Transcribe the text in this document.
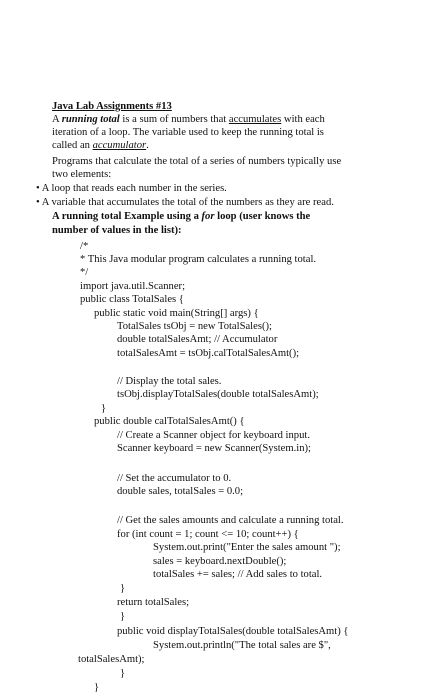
Java Lab Assignments #13
A running total is a sum of numbers that accumulates with each
iteration of a loop. The variable used to keep the running total is
called an accumulator.
Programs that calculate the total of a series of numbers typically use
two elements:
• A loop that reads each number in the series.
• A variable that accumulates the total of the numbers as they are read.
A running total Example using a for loop (user knows the
number of values in the list):
/*
* This Java modular program calculates a running total.
*/
import java.util.Scanner;
public class TotalSales {
public static void main(String[] args) {
TotalSales tsObj = new TotalSales();
double totalSalesAmt; // Accumulator
totalSalesAmt = tsObj.calTotalSalesAmt();
// Display the total sales.
tsObj.displayTotalSales(double totalSalesAmt);
}
public double calTotalSalesAmt() {
// Create a Scanner object for keyboard input.
Scanner keyboard = new Scanner(System.in);
// Set the accumulator to 0.
double sales, totalSales = 0.0;
// Get the sales amounts and calculate a running total.
for (int count = 1; count <= 10; count++) {
System.out.print("Enter the sales amount ");
sales = keyboard.nextDouble();
totalSales += sales; // Add sales to total.
}
return totalSales;
}
public void displayTotalSales(double totalSalesAmt) {
System.out.println("The total sales are $",
totalSalesAmt);
}
}
